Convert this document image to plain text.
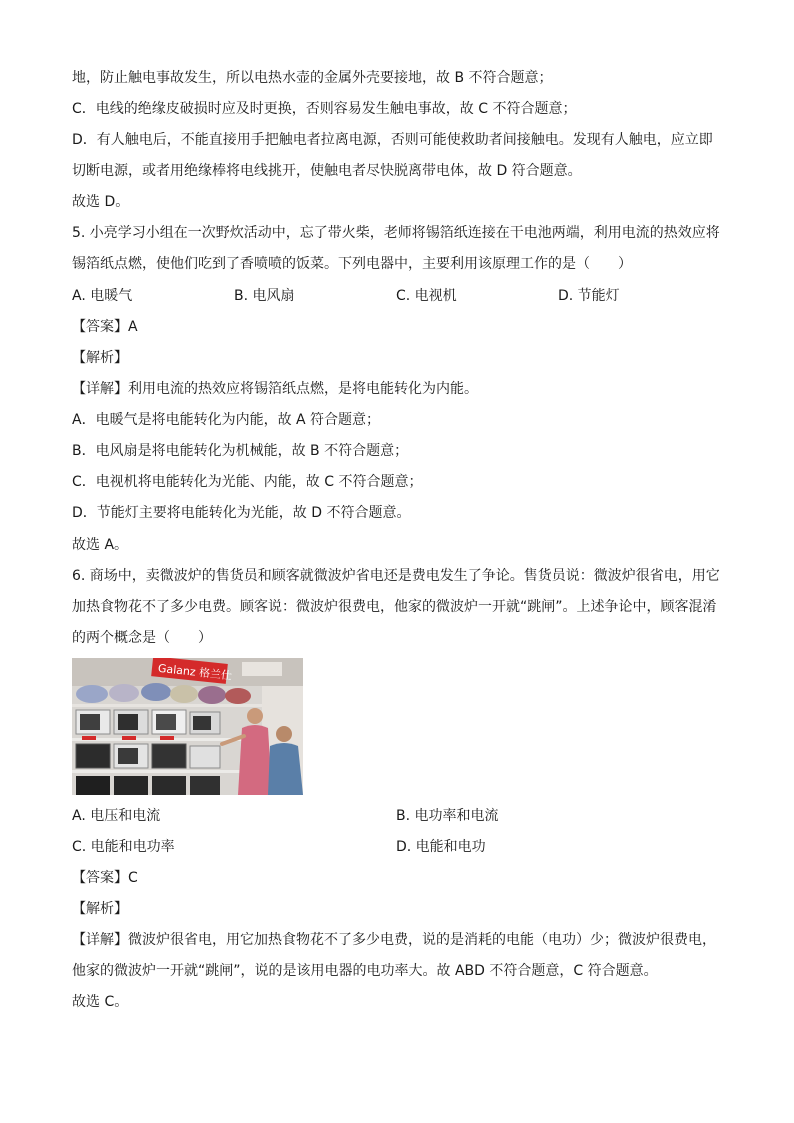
地，防止触电事故发生，所以电热水壶的金属外壳要接地，故 B 不符合题意；
C．电线的绝缘皮破损时应及时更换，否则容易发生触电事故，故 C 不符合题意；
D．有人触电后，不能直接用手把触电者拉离电源，否则可能使救助者间接触电。发现有人触电，应立即
切断电源，或者用绝缘棒将电线挑开，使触电者尽快脱离带电体，故 D 符合题意。
故选 D。
5. 小亮学习小组在一次野炊活动中，忘了带火柴，老师将锡箔纸连接在干电池两端，利用电流的热效应将
锡箔纸点燃，使他们吃到了香喷喷的饭菜。下列电器中，主要利用该原理工作的是（　　）
A. 电暖气	B. 电风扇	C. 电视机	D. 节能灯
【答案】A
【解析】
【详解】利用电流的热效应将锡箔纸点燃，是将电能转化为内能。
A．电暖气是将电能转化为内能，故 A 符合题意；
B．电风扇是将电能转化为机械能，故 B 不符合题意；
C．电视机将电能转化为光能、内能，故 C 不符合题意；
D．节能灯主要将电能转化为光能，故 D 不符合题意。
故选 A。
6. 商场中，卖微波炉的售货员和顾客就微波炉省电还是费电发生了争论。售货员说：微波炉很省电，用它
加热食物花不了多少电费。顾客说：微波炉很费电，他家的微波炉一开就“跳闸”。上述争论中，顾客混淆
的两个概念是（　　）
Galanz 格兰仕
A. 电压和电流	B. 电功率和电流
C. 电能和电功率	D. 电能和电功
【答案】C
【解析】
【详解】微波炉很省电，用它加热食物花不了多少电费，说的是消耗的电能（电功）少；微波炉很费电，
他家的微波炉一开就“跳闸”，说的是该用电器的电功率大。故 ABD 不符合题意，C 符合题意。
故选 C。
